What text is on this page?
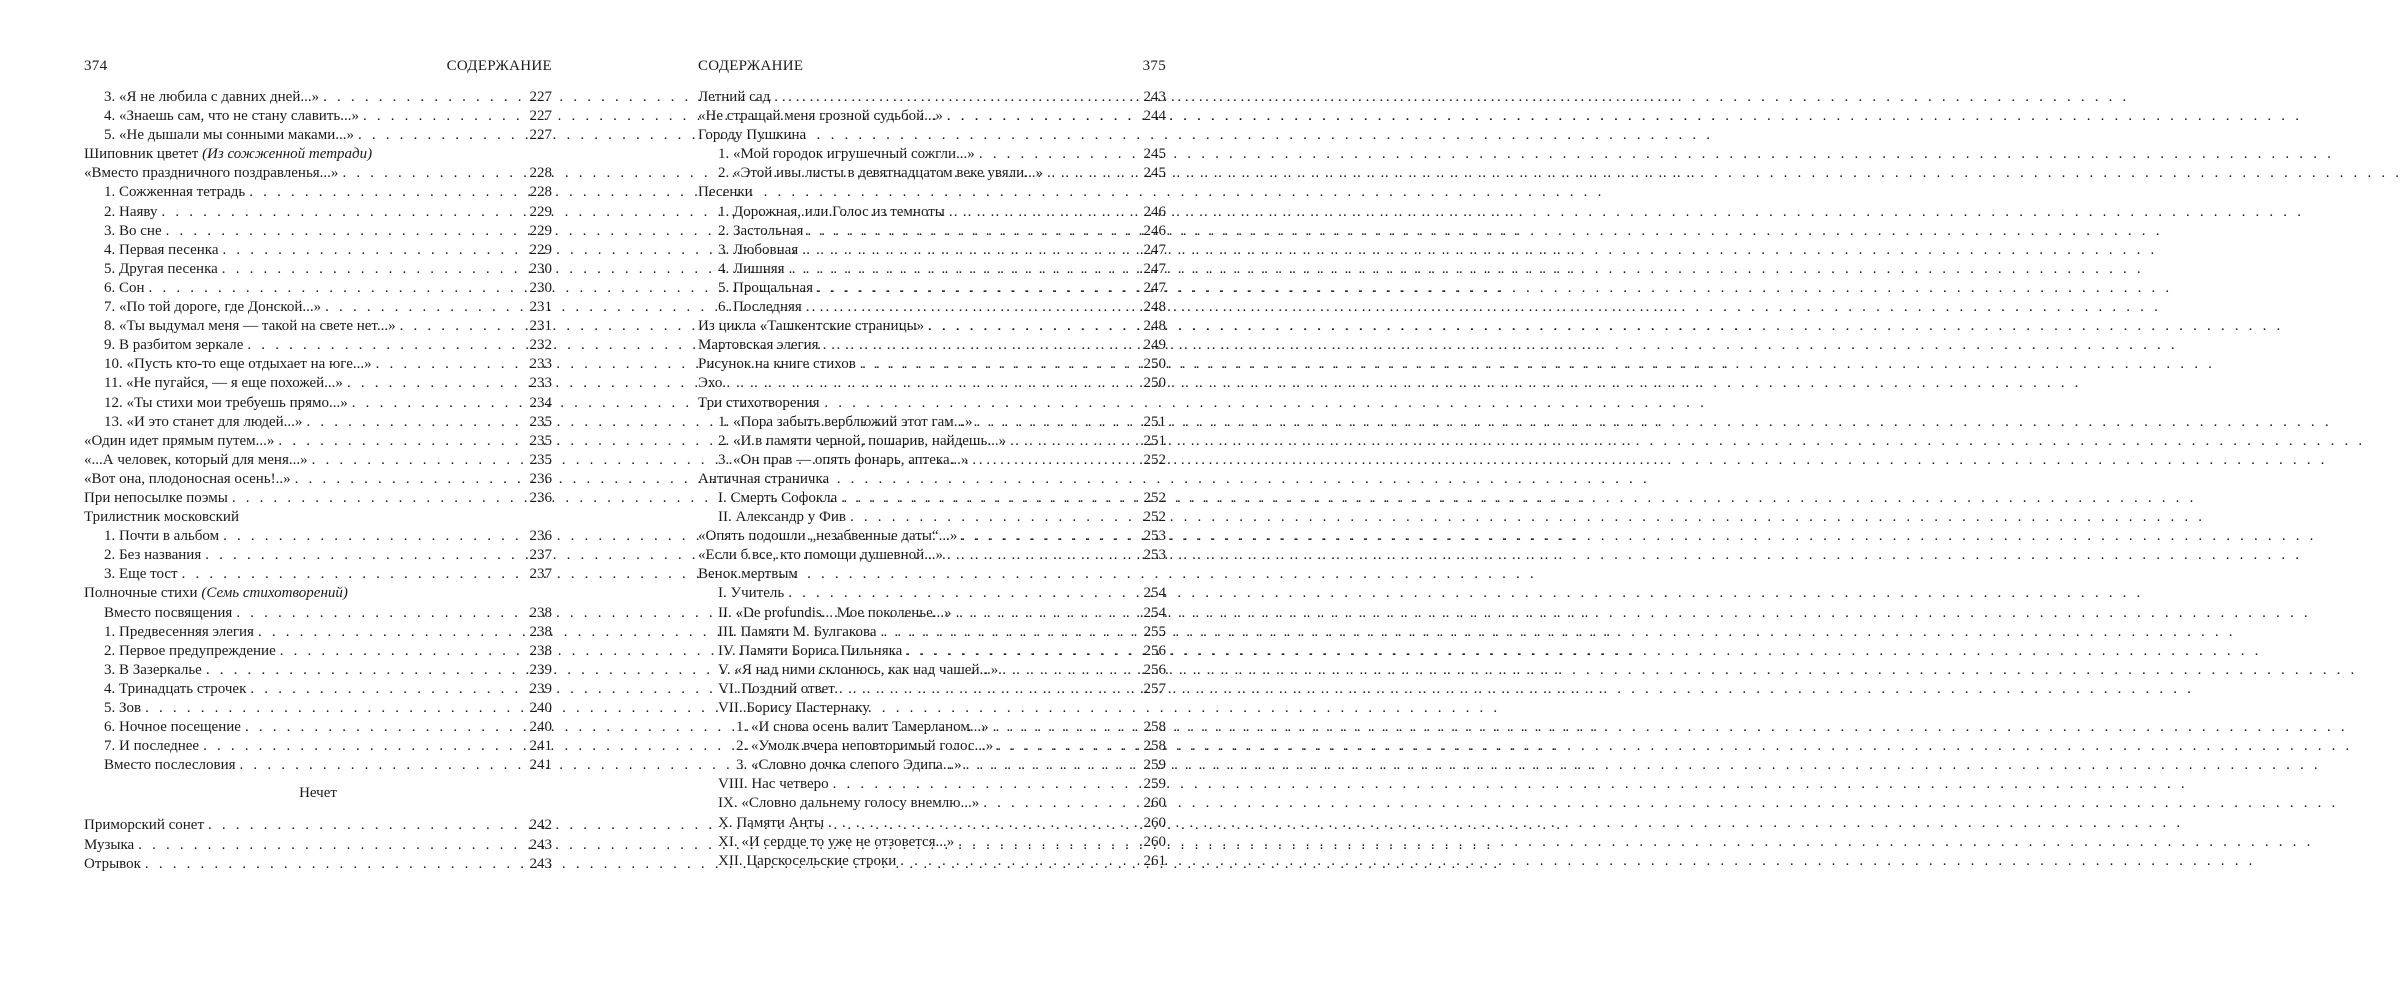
374	СОДЕРЖАНИЕ
3. «Я не любила с давних дней...» . . .	227
4. «Знаешь сам, что не стану славить...» . . .	227
5. «Не дышали мы сонными маками...» . . .	227
Шиповник цветет (Из сожженной тетради)
«Вместо праздничного поздравленья...» . . .	228
1. Сожженная тетрадь . . .	228
2. Наяву . . .	229
3. Во сне . . .	229
4. Первая песенка . . .	229
5. Другая песенка . . .	230
6. Сон . . .	230
7. «По той дороге, где Донской...» . . .	231
8. «Ты выдумал меня — такой на свете нет...» . . .	231
9. В разбитом зеркале . . .	232
10. «Пусть кто-то еще отдыхает на юге...» . . .	233
11. «Не пугайся, — я еще похожей...» . . .	233
12. «Ты стихи мои требуешь прямо...» . . .	234
13. «И это станет для людей...» . . .	235
«Один идет прямым путем...» . . .	235
«...А человек, который для меня...» . . .	235
«Вот она, плодоносная осень!..» . . .	236
При непосылке поэмы . . .	236
Трилистник московский
1. Почти в альбом . . .	236
2. Без названия . . .	237
3. Еще тост . . .	237
Полночные стихи (Семь стихотворений)
Вместо посвящения . . .	238
1. Предвесенняя элегия . . .	238
2. Первое предупреждение . . .	238
3. В Зазеркалье . . .	239
4. Тринадцать строчек . . .	239
5. Зов . . .	240
6. Ночное посещение . . .	240
7. И последнее . . .	241
Вместо послесловия . . .	241
Нечет
Приморский сонет . . .	242
Музыка . . .	243
Отрывок . . .	243
СОДЕРЖАНИЕ	375
Летний сад . . .	243
«Не стращай меня грозной судьбой...» . . .	244
Городу Пушкина
1. «Мой городок игрушечный сожгли...» . . .	245
2. «Этой ивы листы в девятнадцатом веке увяли...» . . .	245
Песенки
1. Дорожная, или Голос из темноты . . .	246
2. Застольная . . .	246
3. Любовная . . .	247
4. Лишняя . . .	247
5. Прощальная . . .	247
6. Последняя . . .	248
Из цикла «Ташкентские страницы» . . .	248
Мартовская элегия . . .	249
Рисунок на книге стихов . . .	250
Эхо . . .	250
Три стихотворения
1. «Пора забыть верблюжий этот гам...» . . .	251
2. «И в памяти черной, пошарив, найдешь...» . . .	251
3. «Он прав — опять фонарь, аптека...» . . .	252
Античная страничка
I. Смерть Софокла . . .	252
II. Александр у Фив . . .	252
«Опять подошли „незабвенные даты“...» . . .	253
«Если б все, кто помощи душевной...» . . .	253
Венок мертвым
I. Учитель . . .	254
II. «De profundis... Мое поколенье...» . . .	254
III. Памяти М. Булгакова . . .	255
IV. Памяти Бориса Пильняка . . .	256
V. «Я над ними склонюсь, как над чашей...» . . .	256
VI. Поздний ответ . . .	257
VII. Борису Пастернаку
1. «И снова осень валит Тамерланом...» . . .	258
2. «Умолк вчера неповторимый голос...» . . .	258
3. «Словно дочка слепого Эдипа...» . . .	259
VIII. Нас четверо . . .	259
IX. «Словно дальнему голосу внемлю...» . . .	260
X. Памяти Анты . . .	260
XI. «И сердце то уже не отзовется...» . . .	260
XII. Царскосельские строки . . .	261
